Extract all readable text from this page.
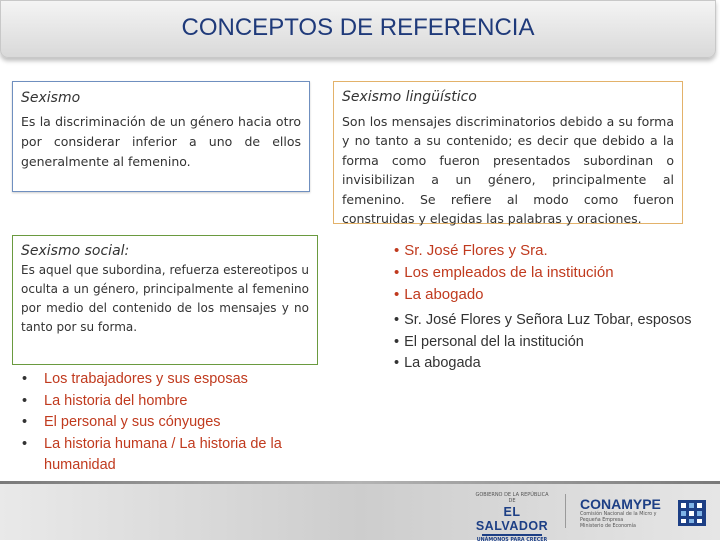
CONCEPTOS DE REFERENCIA
Sexismo
Es la discriminación de un género hacia otro por considerar inferior a uno de ellos generalmente al femenino.
Sexismo lingüístico
Son los mensajes discriminatorios debido a su forma y no tanto a su contenido; es decir que debido a la forma como fueron presentados subordinan o invisibilizan a un género, principalmente al femenino. Se refiere al modo como fueron construidas y elegidas las palabras y oraciones.
Sexismo social:
Es aquel que subordina, refuerza estereotipos u oculta a un género, principalmente al femenino por medio del contenido de los mensajes y no tanto por su forma.
• Los trabajadores y sus esposas
• La historia del hombre
• El personal y sus cónyuges
• La historia humana / La historia de la humanidad
• Sr. José Flores y Sra.
• Los empleados de la institución
• La abogado
• Sr. José Flores y Señora Luz Tobar, esposos
• El personal del la institución
• La abogada
GOBIERNO DE LA REPÚBLICA DE
EL SALVADOR
UNÁMONOS PARA CRECER
CONAMYPE
Comisión Nacional de la Micro y Pequeña Empresa
Ministerio de Economía
